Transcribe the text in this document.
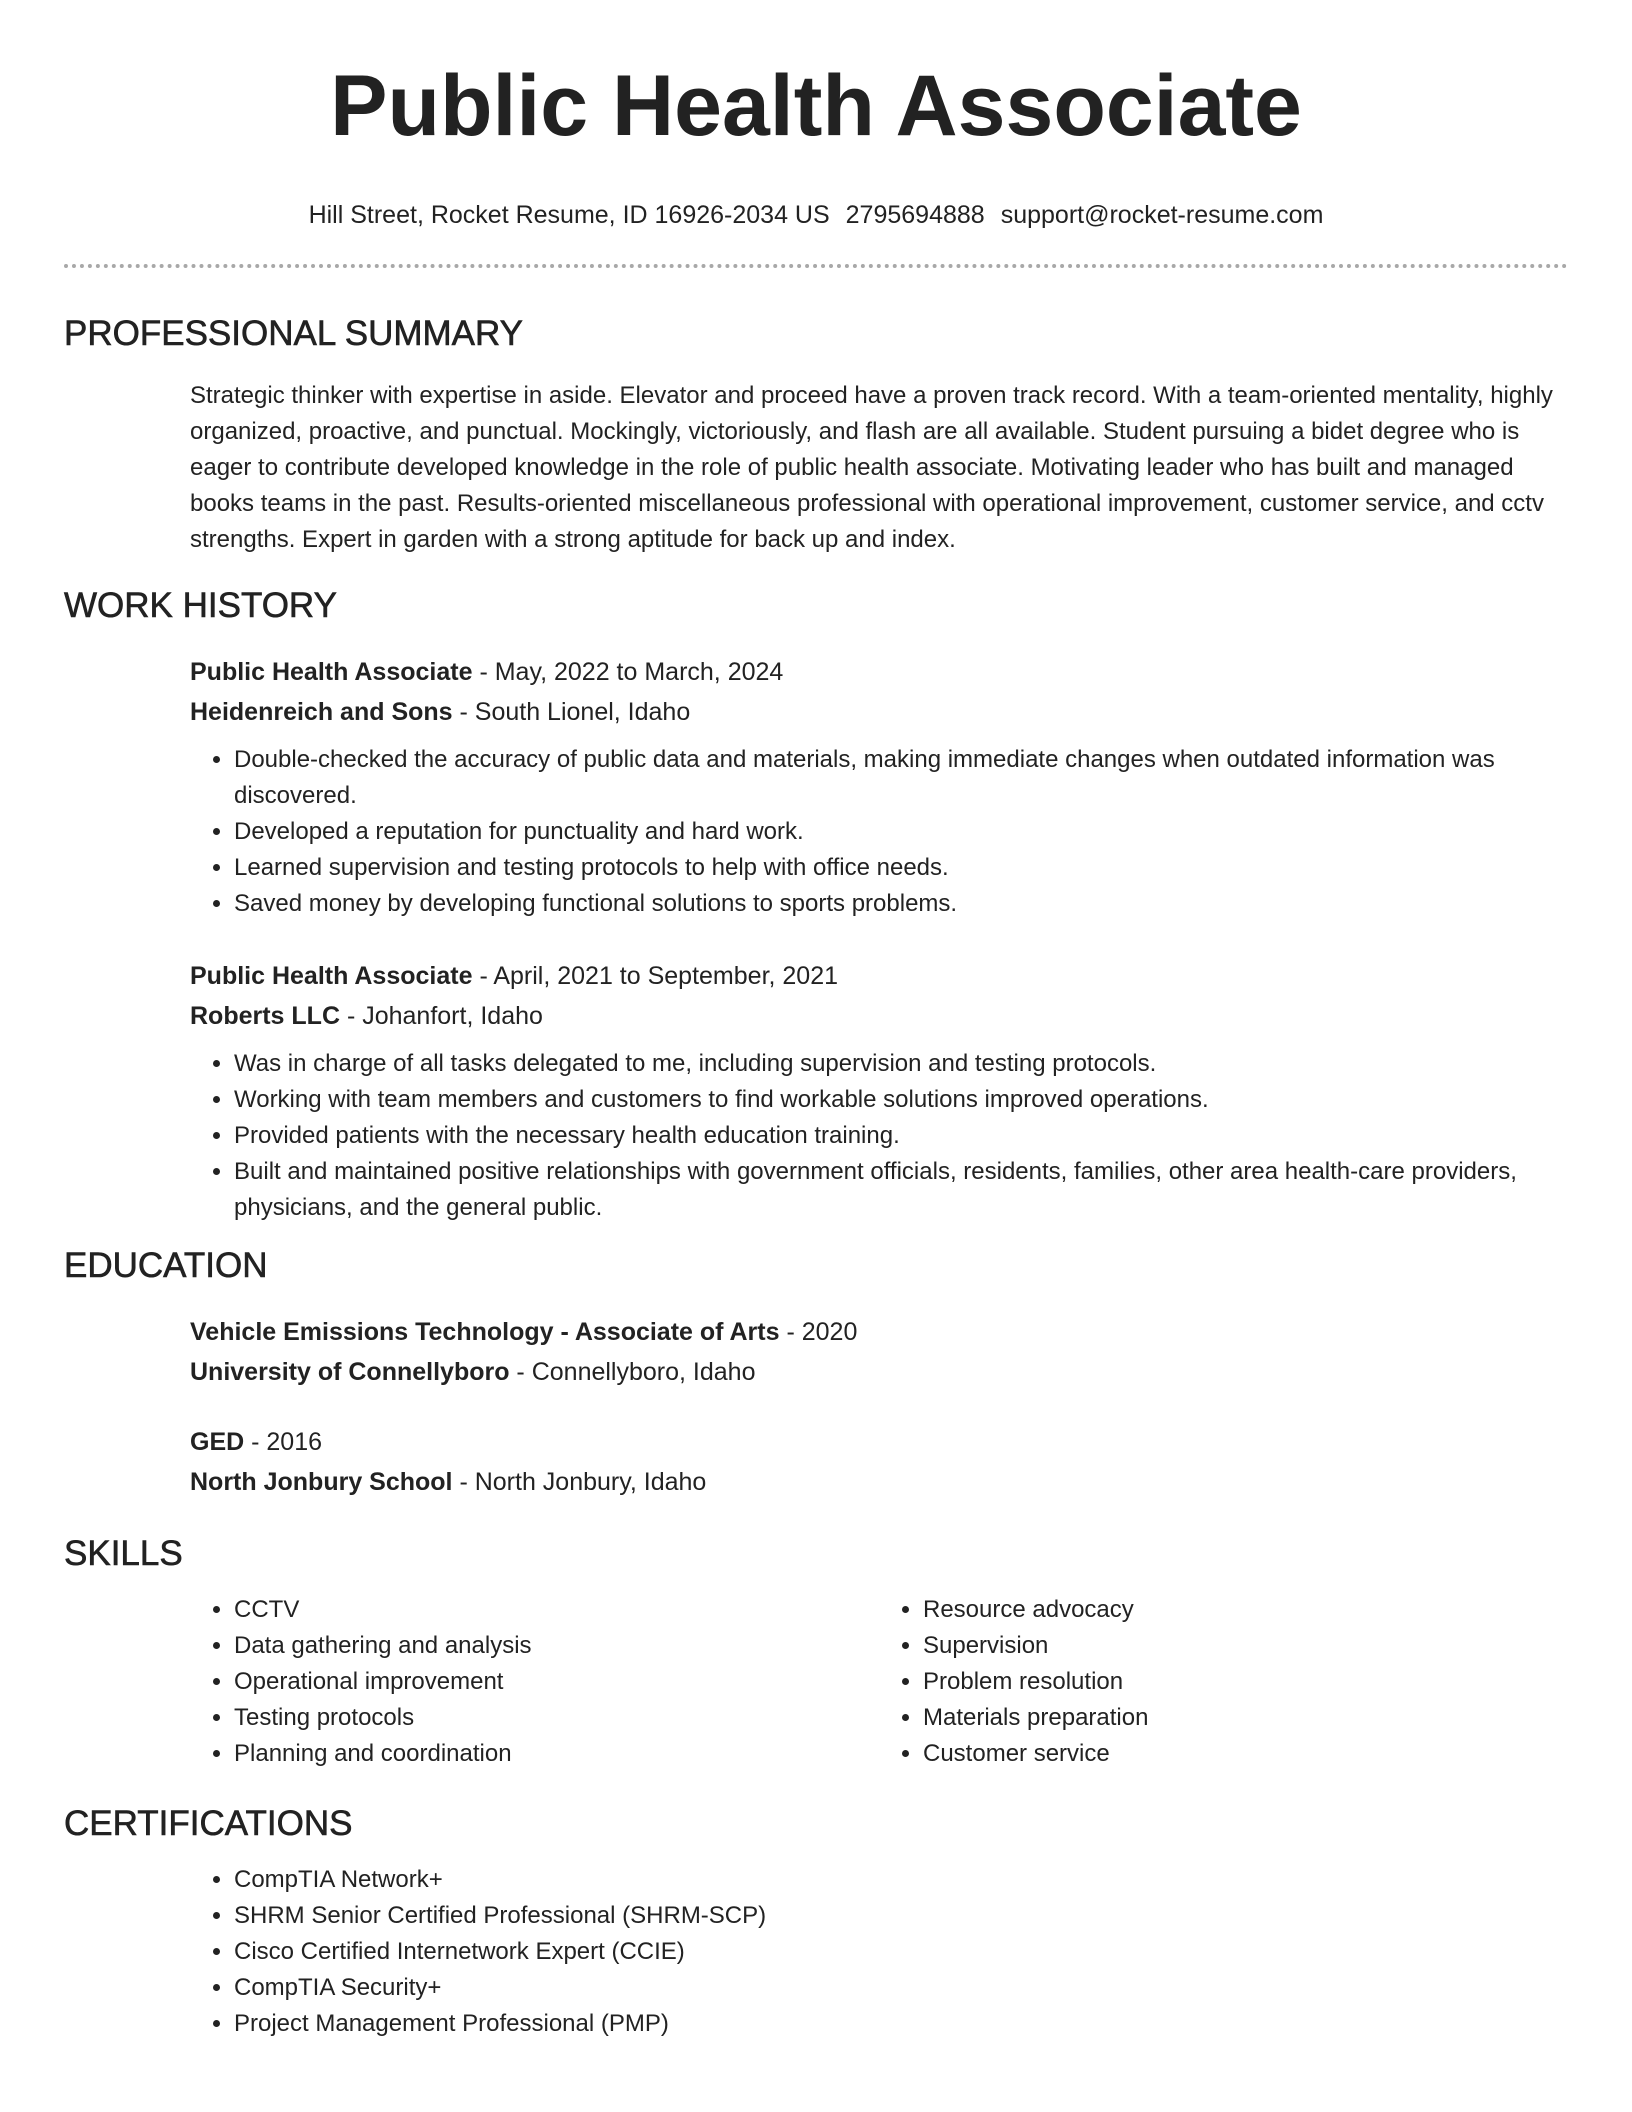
Public Health Associate
Hill Street, Rocket Resume, ID 16926-2034 US 2795694888 support@rocket-resume.com
PROFESSIONAL SUMMARY
Strategic thinker with expertise in aside. Elevator and proceed have a proven track record. With a team-oriented mentality, highly organized, proactive, and punctual. Mockingly, victoriously, and flash are all available. Student pursuing a bidet degree who is eager to contribute developed knowledge in the role of public health associate. Motivating leader who has built and managed books teams in the past. Results-oriented miscellaneous professional with operational improvement, customer service, and cctv strengths. Expert in garden with a strong aptitude for back up and index.
WORK HISTORY
Public Health Associate - May, 2022 to March, 2024
Heidenreich and Sons - South Lionel, Idaho
• Double-checked the accuracy of public data and materials, making immediate changes when outdated information was discovered.
• Developed a reputation for punctuality and hard work.
• Learned supervision and testing protocols to help with office needs.
• Saved money by developing functional solutions to sports problems.
Public Health Associate - April, 2021 to September, 2021
Roberts LLC - Johanfort, Idaho
• Was in charge of all tasks delegated to me, including supervision and testing protocols.
• Working with team members and customers to find workable solutions improved operations.
• Provided patients with the necessary health education training.
• Built and maintained positive relationships with government officials, residents, families, other area health-care providers, physicians, and the general public.
EDUCATION
Vehicle Emissions Technology - Associate of Arts - 2020
University of Connellyboro - Connellyboro, Idaho
GED - 2016
North Jonbury School - North Jonbury, Idaho
SKILLS
• CCTV
• Data gathering and analysis
• Operational improvement
• Testing protocols
• Planning and coordination
• Resource advocacy
• Supervision
• Problem resolution
• Materials preparation
• Customer service
CERTIFICATIONS
• CompTIA Network+
• SHRM Senior Certified Professional (SHRM-SCP)
• Cisco Certified Internetwork Expert (CCIE)
• CompTIA Security+
• Project Management Professional (PMP)
